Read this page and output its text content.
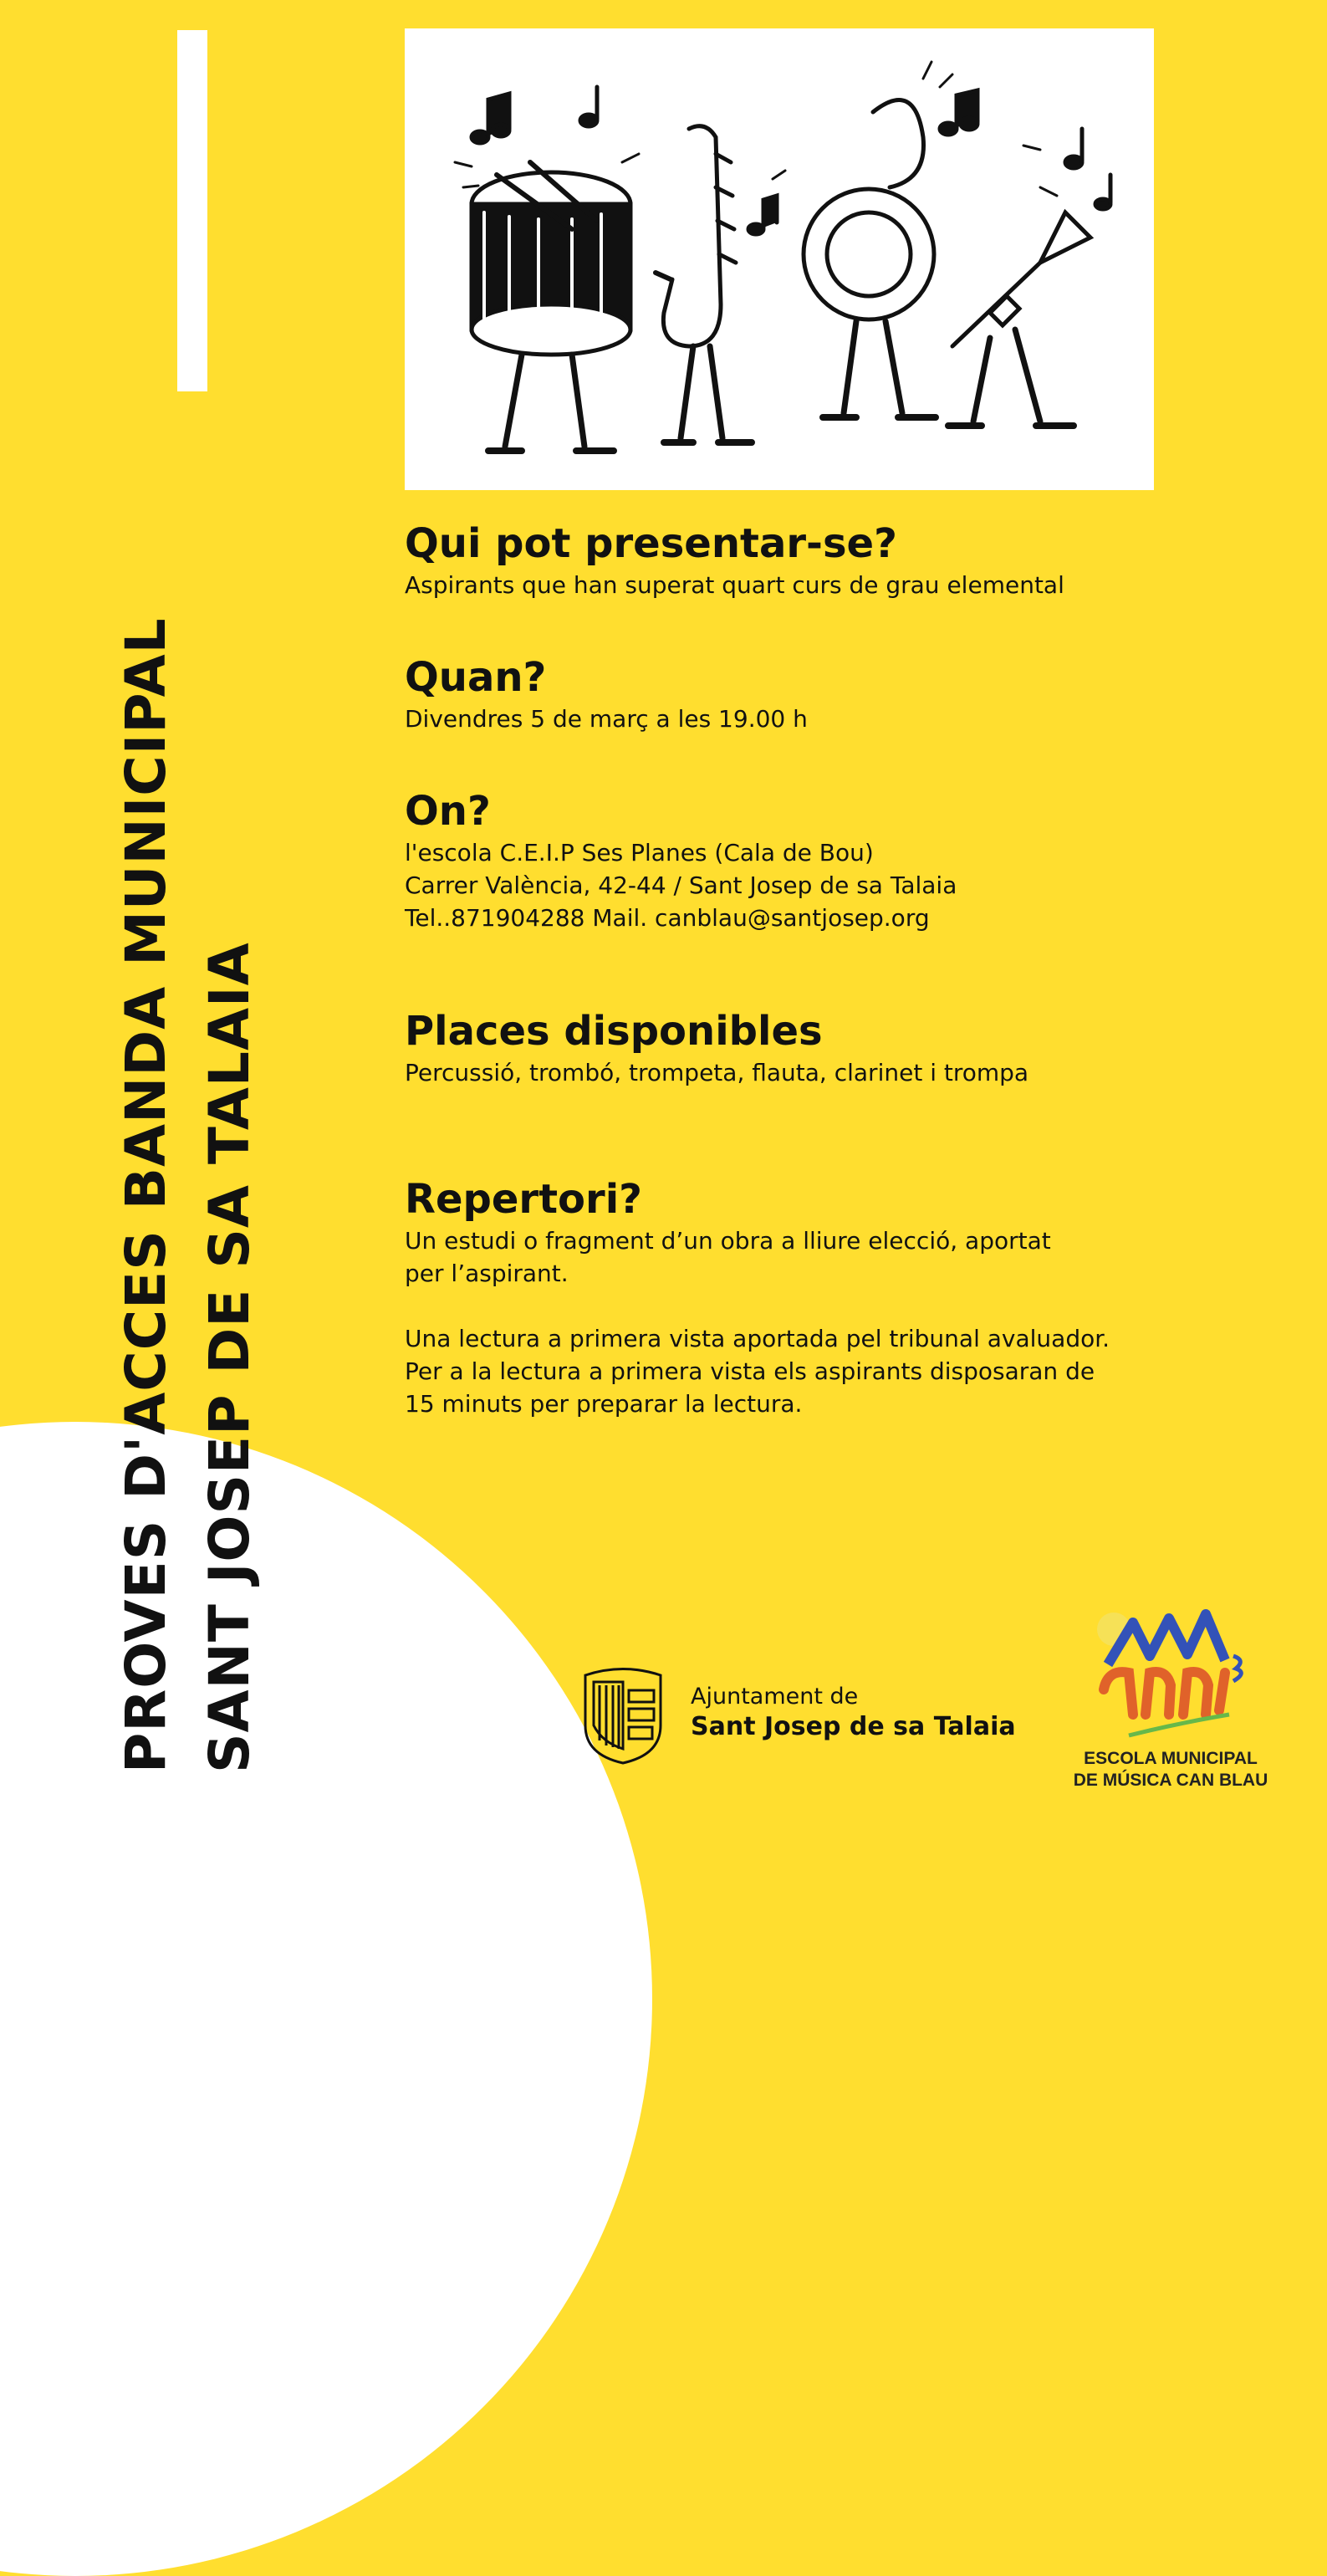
PROVES D'ACCES BANDA MUNICIPAL SANT JOSEP DE SA TALAIA

Qui pot presentar-se?

Aspirants que han superat quart curs de grau elemental

Quan?

Divendres 5 de març a les 19.00 h

On?

l'escola C.E.I.P Ses Planes (Cala de Bou)

Carrer València, 42-44 / Sant Josep de sa Talaia

Tel..871904288 Mail. canblau@santjosep.org

Places disponibles

Percussió, trombó, trompeta, flauta, clarinet i trompa

Repertori?

Un estudi o fragment d’un obra a lliure elecció, aportat

per l’aspirant.

Una lectura a primera vista aportada pel tribunal avaluador.

Per a la lectura a primera vista els aspirants disposaran de

15 minuts per preparar la lectura.

Ajuntament de
Sant Josep de sa Talaia
ESCOLA MUNICIPAL
DE MÚSICA CAN BLAU
